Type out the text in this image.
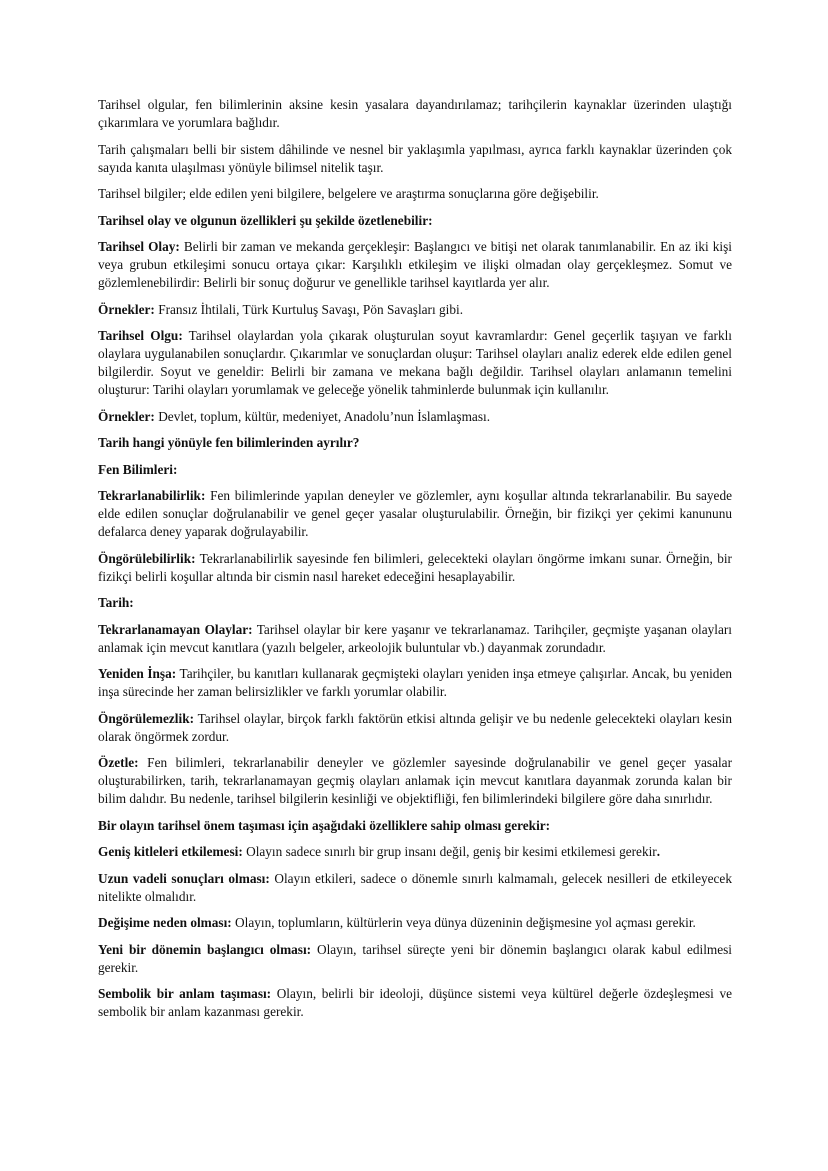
Tarihsel olgular, fen bilimlerinin aksine kesin yasalara dayandırılamaz; tarihçilerin kaynaklar üzerinden ulaştığı çıkarımlara ve yorumlara bağlıdır.

Tarih çalışmaları belli bir sistem dâhilinde ve nesnel bir yaklaşımla yapılması, ayrıca farklı kaynaklar üzerinden çok sayıda kanıta ulaşılması yönüyle bilimsel nitelik taşır.

Tarihsel bilgiler; elde edilen yeni bilgilere, belgelere ve araştırma sonuçlarına göre değişebilir.

Tarihsel olay ve olgunun özellikleri şu şekilde özetlenebilir:

Tarihsel Olay: Belirli bir zaman ve mekanda gerçekleşir: Başlangıcı ve bitişi net olarak tanımlanabilir. En az iki kişi veya grubun etkileşimi sonucu ortaya çıkar: Karşılıklı etkileşim ve ilişki olmadan olay gerçekleşmez. Somut ve gözlemlenebilirdir: Belirli bir sonuç doğurur ve genellikle tarihsel kayıtlarda yer alır.

Örnekler: Fransız İhtilali, Türk Kurtuluş Savaşı, Pön Savaşları gibi.

Tarihsel Olgu: Tarihsel olaylardan yola çıkarak oluşturulan soyut kavramlardır: Genel geçerlik taşıyan ve farklı olaylara uygulanabilen sonuçlardır. Çıkarımlar ve sonuçlardan oluşur: Tarihsel olayları analiz ederek elde edilen genel bilgilerdir. Soyut ve geneldir: Belirli bir zamana ve mekana bağlı değildir. Tarihsel olayları anlamanın temelini oluşturur: Tarihi olayları yorumlamak ve geleceğe yönelik tahminlerde bulunmak için kullanılır.

Örnekler: Devlet, toplum, kültür, medeniyet, Anadolu’nun İslamlaşması.

Tarih hangi yönüyle fen bilimlerinden ayrılır?

Fen Bilimleri:

Tekrarlanabilirlik: Fen bilimlerinde yapılan deneyler ve gözlemler, aynı koşullar altında tekrarlanabilir. Bu sayede elde edilen sonuçlar doğrulanabilir ve genel geçer yasalar oluşturulabilir. Örneğin, bir fizikçi yer çekimi kanununu defalarca deney yaparak doğrulayabilir.

Öngörülebilirlik: Tekrarlanabilirlik sayesinde fen bilimleri, gelecekteki olayları öngörme imkanı sunar. Örneğin, bir fizikçi belirli koşullar altında bir cismin nasıl hareket edeceğini hesaplayabilir.

Tarih:

Tekrarlanamayan Olaylar: Tarihsel olaylar bir kere yaşanır ve tekrarlanamaz. Tarihçiler, geçmişte yaşanan olayları anlamak için mevcut kanıtlara (yazılı belgeler, arkeolojik buluntular vb.) dayanmak zorundadır.

Yeniden İnşa: Tarihçiler, bu kanıtları kullanarak geçmişteki olayları yeniden inşa etmeye çalışırlar. Ancak, bu yeniden inşa sürecinde her zaman belirsizlikler ve farklı yorumlar olabilir.

Öngörülemezlik: Tarihsel olaylar, birçok farklı faktörün etkisi altında gelişir ve bu nedenle gelecekteki olayları kesin olarak öngörmek zordur.

Özetle: Fen bilimleri, tekrarlanabilir deneyler ve gözlemler sayesinde doğrulanabilir ve genel geçer yasalar oluşturabilirken, tarih, tekrarlanamayan geçmiş olayları anlamak için mevcut kanıtlara dayanmak zorunda kalan bir bilim dalıdır. Bu nedenle, tarihsel bilgilerin kesinliği ve objektifliği, fen bilimlerindeki bilgilere göre daha sınırlıdır.

Bir olayın tarihsel önem taşıması için aşağıdaki özelliklere sahip olması gerekir:

Geniş kitleleri etkilemesi: Olayın sadece sınırlı bir grup insanı değil, geniş bir kesimi etkilemesi gerekir.

Uzun vadeli sonuçları olması: Olayın etkileri, sadece o dönemle sınırlı kalmamalı, gelecek nesilleri de etkileyecek nitelikte olmalıdır.

Değişime neden olması: Olayın, toplumların, kültürlerin veya dünya düzeninin değişmesine yol açması gerekir.

Yeni bir dönemin başlangıcı olması: Olayın, tarihsel süreçte yeni bir dönemin başlangıcı olarak kabul edilmesi gerekir.

Sembolik bir anlam taşıması: Olayın, belirli bir ideoloji, düşünce sistemi veya kültürel değerle özdeşleşmesi ve sembolik bir anlam kazanması gerekir.
